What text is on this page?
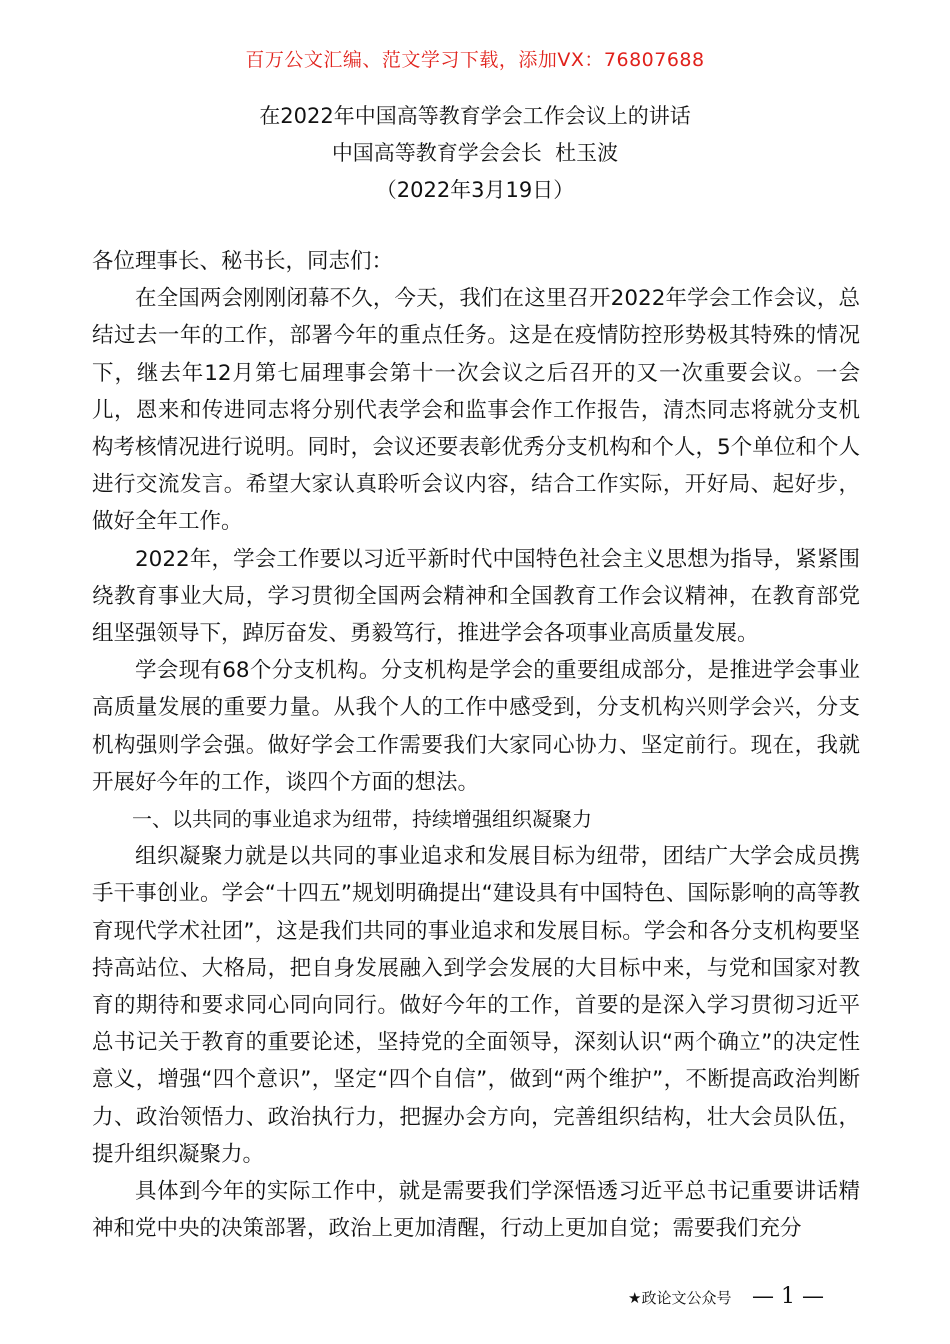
百万公文汇编、范文学习下载，添加VX：76807688
在2022年中国高等教育学会工作会议上的讲话
中国高等教育学会会长  杜玉波
（2022年3月19日）

各位理事长、秘书长，同志们：

在全国两会刚刚闭幕不久，今天，我们在这里召开2022年学会工作会议，总结过去一年的工作，部署今年的重点任务。这是在疫情防控形势极其特殊的情况下，继去年12月第七届理事会第十一次会议之后召开的又一次重要会议。一会儿，恩来和传进同志将分别代表学会和监事会作工作报告，清杰同志将就分支机构考核情况进行说明。同时，会议还要表彰优秀分支机构和个人，5个单位和个人进行交流发言。希望大家认真聆听会议内容，结合工作实际，开好局、起好步，做好全年工作。

2022年，学会工作要以习近平新时代中国特色社会主义思想为指导，紧紧围绕教育事业大局，学习贯彻全国两会精神和全国教育工作会议精神，在教育部党组坚强领导下，踔厉奋发、勇毅笃行，推进学会各项事业高质量发展。

学会现有68个分支机构。分支机构是学会的重要组成部分，是推进学会事业高质量发展的重要力量。从我个人的工作中感受到，分支机构兴则学会兴，分支机构强则学会强。做好学会工作需要我们大家同心协力、坚定前行。现在，我就开展好今年的工作，谈四个方面的想法。

一、以共同的事业追求为纽带，持续增强组织凝聚力

组织凝聚力就是以共同的事业追求和发展目标为纽带，团结广大学会成员携手干事创业。学会“十四五”规划明确提出“建设具有中国特色、国际影响的高等教育现代学术社团”，这是我们共同的事业追求和发展目标。学会和各分支机构要坚持高站位、大格局，把自身发展融入到学会发展的大目标中来，与党和国家对教育的期待和要求同心同向同行。做好今年的工作，首要的是深入学习贯彻习近平总书记关于教育的重要论述，坚持党的全面领导，深刻认识“两个确立”的决定性意义，增强“四个意识”，坚定“四个自信”，做到“两个维护”，不断提高政治判断力、政治领悟力、政治执行力，把握办会方向，完善组织结构，壮大会员队伍，提升组织凝聚力。

具体到今年的实际工作中，就是需要我们学深悟透习近平总书记重要讲话精神和党中央的决策部署，政治上更加清醒，行动上更加自觉；需要我们充分

★政论文公众号 — 1 —
